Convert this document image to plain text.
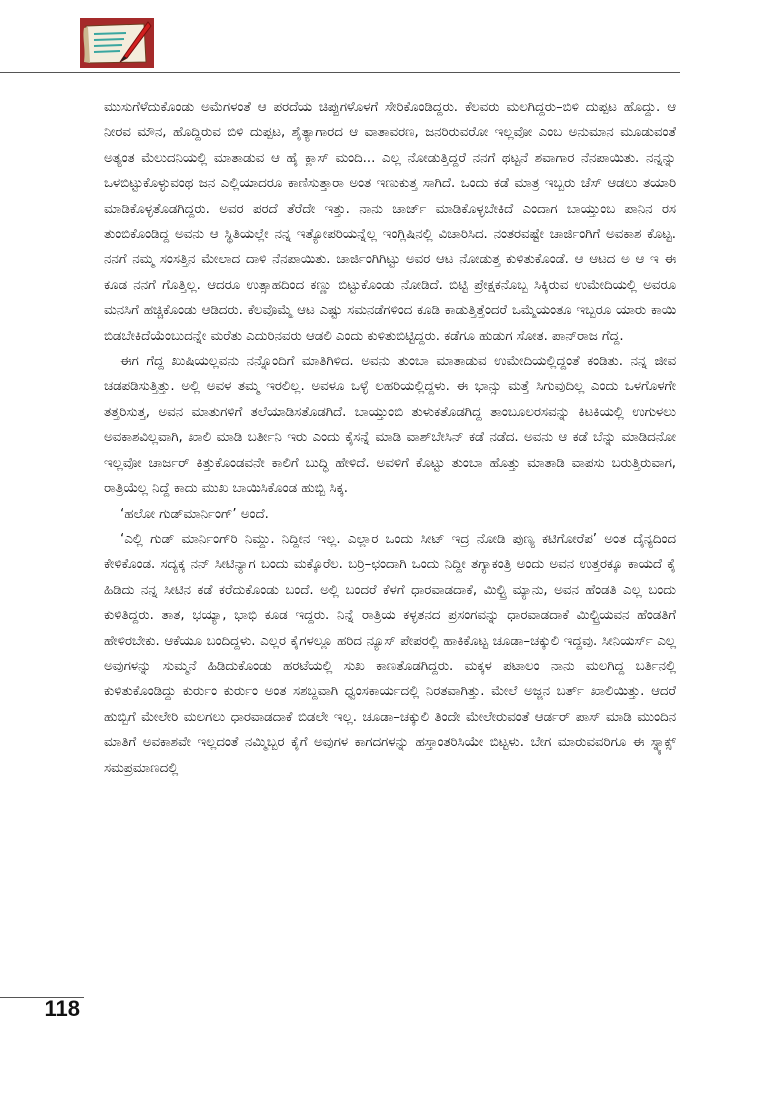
ಮುಸುಗೆಳೆದುಕೊಂಡು ಅಮೆಗಳಂತೆ ಆ ಪರದೆಯ ಚಿಪ್ಪುಗಳೊಳಗೆ ಸೇರಿಕೊಂಡಿದ್ದರು. ಕೆಲವರು ಮಲಗಿದ್ದರು–ಬಿಳಿ ದುಪ್ಪಟ ಹೊದ್ದು. ಆ ನೀರವ ಮೌನ, ಹೊದ್ದಿರುವ ಬಿಳಿ ದುಪ್ಪಟ, ಶೈತ್ಯಾಗಾರದ ಆ ವಾತಾವರಣ, ಜನರಿರುವರೋ ಇಲ್ಲವೋ ಎಂಬ ಅನುಮಾನ ಮೂಡುವಂತೆ ಅತ್ಯಂತ ಮೆಲುದನಿಯಲ್ಲಿ ಮಾತಾಡುವ ಆ ಹೈ ಕ್ಲಾಸ್ ಮಂದಿ... ಎಲ್ಲ ನೋಡುತ್ತಿದ್ದರೆ ನನಗೆ ಥಟ್ಟನೆ ಶವಾಗಾರ ನೆನಪಾಯಿತು. ನನ್ನನ್ನು ಒಳಬಿಟ್ಟುಕೊಳ್ಳುವಂಥ ಜನ ಎಲ್ಲಿಯಾದರೂ ಕಾಣಿಸುತ್ತಾರಾ ಅಂತ ಇಣುಕುತ್ತ ಸಾಗಿದೆ. ಒಂದು ಕಡೆ ಮಾತ್ರ ಇಬ್ಬರು ಚೆಸ್ ಆಡಲು ತಯಾರಿ ಮಾಡಿಕೊಳ್ಳತೊಡಗಿದ್ದರು. ಅವರ ಪರದೆ ತೆರೆದೇ ಇತ್ತು. ನಾನು ಚಾರ್ಜ್ ಮಾಡಿಕೊಳ್ಳಬೇಕಿದೆ ಎಂದಾಗ ಬಾಯ್ತುಂಬ ಪಾನಿನ ರಸ ತುಂಬಿಕೊಂಡಿದ್ದ ಅವನು ಆ ಸ್ಥಿತಿಯಲ್ಲೇ ನನ್ನ ಇತ್ಯೋಪರಿಯನ್ನೆಲ್ಲ ಇಂಗ್ಲಿಷಿನಲ್ಲಿ ವಿಚಾರಿಸಿದ. ನಂತರವಷ್ಟೇ ಚಾರ್ಜಿಂಗಿಗೆ ಅವಕಾಶ ಕೊಟ್ಟ. ನನಗೆ ನಮ್ಮ ಸಂಸತ್ತಿನ ಮೇಲಾದ ದಾಳಿ ನೆನಪಾಯಿತು. ಚಾರ್ಜಿಂಗಿಗಿಟ್ಟು ಅವರ ಆಟ ನೋಡುತ್ತ ಕುಳಿತುಕೊಂಡೆ. ಆ ಆಟದ ಅ ಆ ಇ ಈ ಕೂಡ ನನಗೆ ಗೊತ್ತಿಲ್ಲ. ಆದರೂ ಉತ್ಸಾಹದಿಂದ ಕಣ್ಣು ಬಿಟ್ಟುಕೊಂಡು ನೋಡಿದೆ. ಬಿಟ್ಟಿ ಪ್ರೇಕ್ಷಕನೊಬ್ಬ ಸಿಕ್ಕಿರುವ ಉಮೇದಿಯಲ್ಲಿ ಅವರೂ ಮನಸಿಗೆ ಹಚ್ಚಿಕೊಂಡು ಆಡಿದರು. ಕೆಲವೊಮ್ಮೆ ಆಟ ಎಷ್ಟು ಸಮನಡೆಗಳಿಂದ ಕೂಡಿ ಕಾಡುತ್ತಿತ್ತೆಂದರೆ ಒಮ್ಮೆಯಂತೂ ಇಬ್ಬರೂ ಯಾರು ಕಾಯಿ ಬಿಡಬೇಕಿದೆಯೆಂಬುದನ್ನೇ ಮರೆತು ಎದುರಿನವರು ಆಡಲಿ ಎಂದು ಕುಳಿತುಬಿಟ್ಟಿದ್ದರು. ಕಡೆಗೂ ಹುಡುಗ ಸೋತ. ಪಾನ್‌ರಾಜ ಗೆದ್ದ.

ಈಗ ಗೆದ್ದ ಖುಷಿಯಲ್ಲವನು ನನ್ನೊಂದಿಗೆ ಮಾತಿಗಿಳಿದ. ಅವನು ತುಂಬಾ ಮಾತಾಡುವ ಉಮೇದಿಯಲ್ಲಿದ್ದಂತೆ ಕಂಡಿತು. ನನ್ನ ಜೀವ ಚಡಪಡಿಸುತ್ತಿತ್ತು. ಅಲ್ಲಿ ಅವಳ ತಮ್ಮ ಇರಲಿಲ್ಲ. ಅವಳೂ ಒಳ್ಳೆ ಲಹರಿಯಲ್ಲಿದ್ದಳು. ಈ ಭಾನ್ಸು ಮತ್ತೆ ಸಿಗುವುದಿಲ್ಲ ಎಂದು ಒಳಗೊಳಗೇ ತತ್ತರಿಸುತ್ತ, ಅವನ ಮಾತುಗಳಿಗೆ ತಲೆಯಾಡಿಸತೊಡಗಿದೆ. ಬಾಯ್ತುಂಬಿ ತುಳುಕತೊಡಗಿದ್ದ ತಾಂಬೂಲರಸವನ್ನು ಕಿಟಕಿಯಲ್ಲಿ ಉಗುಳಲು ಅವಕಾಶವಿಲ್ಲವಾಗಿ, ಖಾಲಿ ಮಾಡಿ ಬರ್ತೀನಿ ಇರು ಎಂದು ಕೈಸನ್ನೆ ಮಾಡಿ ವಾಶ್‌ಬೇಸಿನ್ ಕಡೆ ನಡೆದ. ಅವನು ಆ ಕಡೆ ಬೆನ್ನು ಮಾಡಿದನೋ ಇಲ್ಲವೋ ಚಾರ್ಜರ್ ಕಿತ್ತುಕೊಂಡವನೇ ಕಾಲಿಗೆ ಬುದ್ಧಿ ಹೇಳಿದೆ. ಅವಳಿಗೆ ಕೊಟ್ಟು ತುಂಬಾ ಹೊತ್ತು ಮಾತಾಡಿ ವಾಪಸು ಬರುತ್ತಿರುವಾಗ, ರಾತ್ರಿಯೆಲ್ಲ ನಿದ್ದೆ ಕಾದು ಮುಖ ಬಾಯಿಸಿಕೊಂಡ ಹುಬ್ಬಿ ಸಿಕ್ಕ.

‘ಹಲೋ ಗುಡ್‌ಮಾರ್ನಿಂಗ್’ ಅಂದೆ.

‘ಎಲ್ಲಿ ಗುಡ್ ಮಾರ್ನಿಂಗ್‌ರಿ ನಿಮ್ದು. ನಿದ್ದೀನ ಇಲ್ಲ. ಎಲ್ಲಾರ ಒಂದು ಸೀಟ್ ಇದ್ರ ನೋಡಿ ಪುಣ್ಯ ಕಟಿಗೋರೆಪ’ ಅಂತ ದೈನ್ಯದಿಂದ ಕೇಳಿಕೊಂಡ. ಸದ್ಯಕ್ಕ ನನ್ ಸೀಟಿನ್ಯಾಗ ಬಂದು ಮಕ್ಕೊರೆಲ. ಬರ್ರಿ–ಛಂದಾಗಿ ಒಂದು ನಿದ್ದೀ ತಗ್ಯಾಕಂತ್ರಿ ಅಂದು ಅವನ ಉತ್ತರಕ್ಕೂ ಕಾಯದೆ ಕೈ ಹಿಡಿದು ನನ್ನ ಸೀಟಿನ ಕಡೆ ಕರೆದುಕೊಂಡು ಬಂದೆ. ಅಲ್ಲಿ ಬಂದರೆ ಕೆಳಗೆ ಧಾರವಾಡದಾಕೆ, ಮಿಲ್ಟ್ರಿ ಮ್ಯಾನು, ಅವನ ಹೆಂಡತಿ ಎಲ್ಲ ಬಂದು ಕುಳಿತಿದ್ದರು. ತಾತ, ಭಯ್ಯಾ, ಭಾಭಿ ಕೂಡ ಇದ್ದರು. ನಿನ್ನೆ ರಾತ್ರಿಯ ಕಳ್ಳತನದ ಪ್ರಸಂಗವನ್ನು ಧಾರವಾಡದಾಕೆ ಮಿಲ್ಟ್ರಿಯವನ ಹೆಂಡತಿಗೆ ಹೇಳಿರಬೇಕು. ಆಕೆಯೂ ಬಂದಿದ್ದಳು. ಎಲ್ಲರ ಕೈಗಳಲ್ಲೂ ಹರಿದ ನ್ಯೂಸ್ ಪೇಪರಲ್ಲಿ ಹಾಕಿಕೊಟ್ಟ ಚೂಡಾ–ಚಕ್ಕುಲಿ ಇದ್ದವು. ಸೀನಿಯರ್ಸ್ ಎಲ್ಲ ಅವುಗಳನ್ನು ಸುಮ್ಮನೆ ಹಿಡಿದುಕೊಂಡು ಹರಟೆಯಲ್ಲಿ ಸುಖ ಕಾಣತೊಡಗಿದ್ದರು. ಮಕ್ಕಳ ಪಟಾಲಂ ನಾನು ಮಲಗಿದ್ದ ಬರ್ತಿನಲ್ಲಿ ಕುಳಿತುಕೊಂಡಿದ್ದು ಕುರ್ರುಂ ಕುರ್ರುಂ ಅಂತ ಸಶಬ್ದವಾಗಿ ಧ್ವಂಸಕಾರ್ಯದಲ್ಲಿ ನಿರತವಾಗಿತ್ತು. ಮೇಲೆ ಅಜ್ಜನ ಬರ್ತ್ ಖಾಲಿಯಿತ್ತು. ಆದರೆ ಹುಬ್ಬಿಗೆ ಮೇಲೇರಿ ಮಲಗಲು ಧಾರವಾಡದಾಕೆ ಬಿಡಲೇ ಇಲ್ಲ. ಚೂಡಾ–ಚಕ್ಕುಲಿ ತಿಂದೇ ಮೇಲೇರುವಂತೆ ಆರ್ಡರ್ ಪಾಸ್ ಮಾಡಿ ಮುಂದಿನ ಮಾತಿಗೆ ಅವಕಾಶವೇ ಇಲ್ಲದಂತೆ ನಮ್ಮಿಬ್ಬರ ಕೈಗೆ ಅವುಗಳ ಕಾಗದಗಳನ್ನು ಹಸ್ತಾಂತರಿಸಿಯೇ ಬಿಟ್ಟಳು. ಬೇಗ ಮಾರುವವರಿಗೂ ಈ ಸ್ನ್ಯಾಕ್ಸ್ ಸಮಪ್ರಮಾಣದಲ್ಲಿ

118
